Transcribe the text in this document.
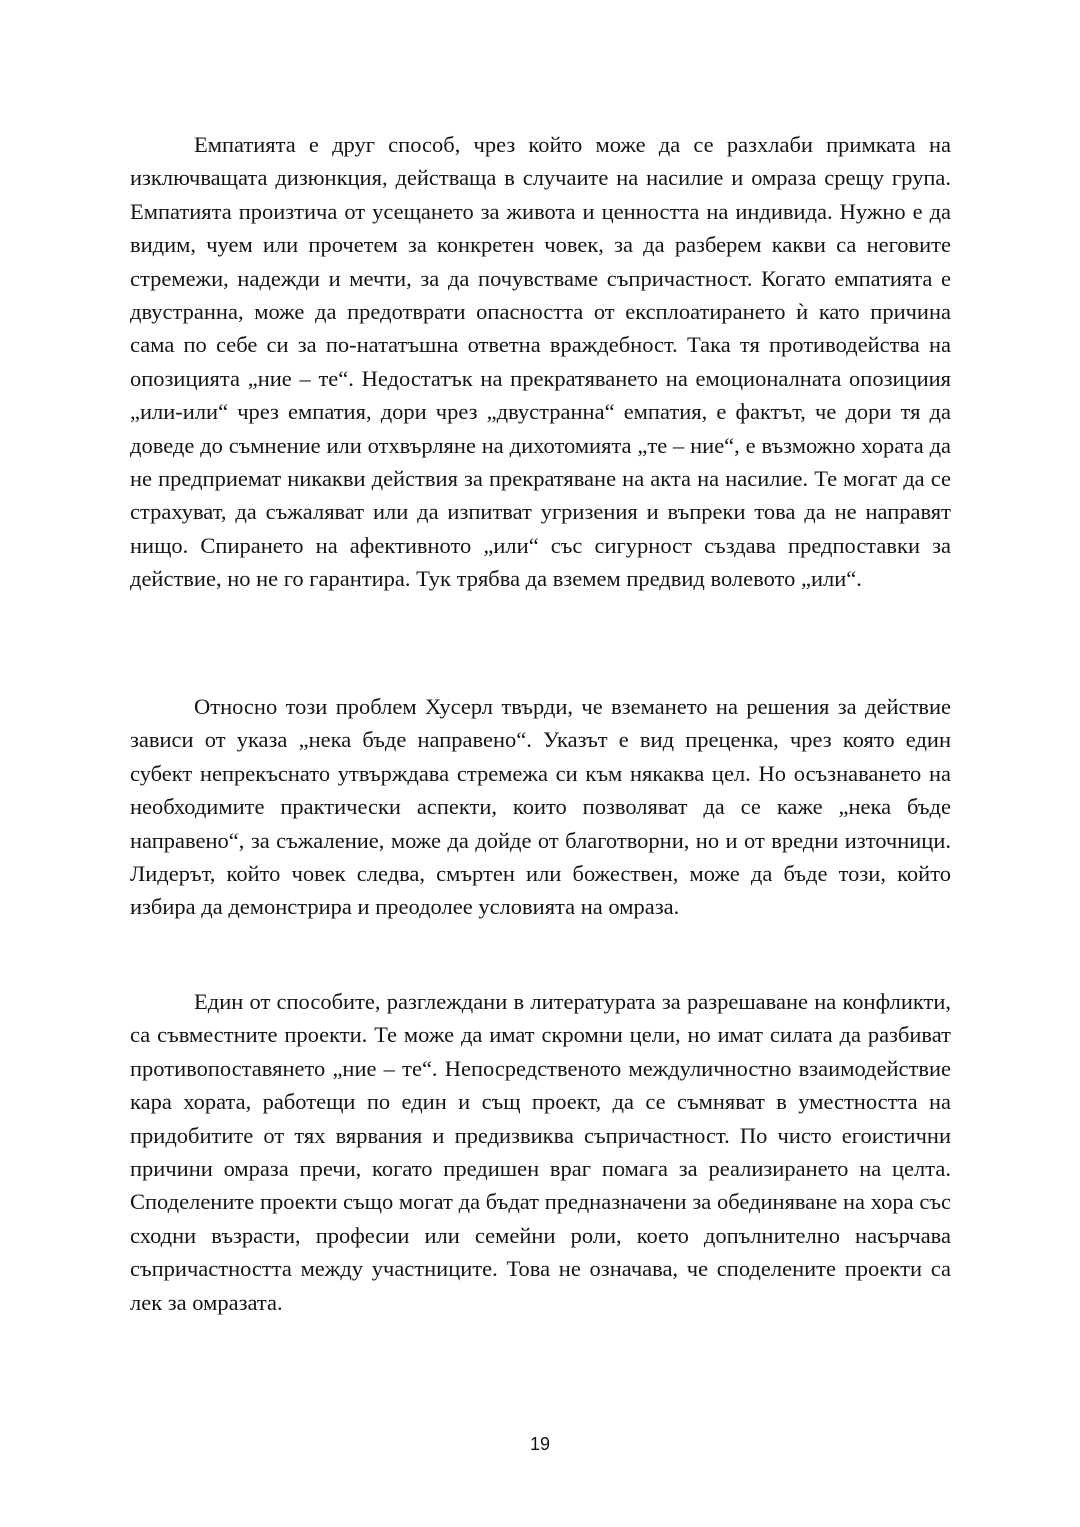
Емпатията е друг способ, чрез който може да се разхлаби примката на изключващата дизюнкция, действаща в случаите на насилие и омраза срещу група. Емпатията произтича от усещането за живота и ценността на индивида. Нужно е да видим, чуем или прочетем за конкретен човек, за да разберем какви са неговите стремежи, надежди и мечти, за да почувстваме съпричастност. Когато емпатията е двустранна, може да предотврати опасността от експлоатирането ѝ като причина сама по себе си за по-нататъшна ответна враждебност. Така тя противодейства на опозицията „ние – те“. Недостатък на прекратяването на емоционалната опозициия „или-или“ чрез емпатия, дори чрез „двустранна“ емпатия, е фактът, че дори тя да доведе до съмнение или отхвърляне на дихотомията „те – ние“, е възможно хората да не предприемат никакви действия за прекратяване на акта на насилие. Те могат да се страхуват, да съжаляват или да изпитват угризения и въпреки това да не направят нищо. Спирането на афективното „или“ със сигурност създава предпоставки за действие, но не го гарантира. Тук трябва да вземем предвид волевото „или“.

Относно този проблем Хусерл твърди, че вземането на решения за действие зависи от указа „нека бъде направено“. Указът е вид преценка, чрез която един субект непрекъснато утвърждава стремежа си към някаква цел. Но осъзнаването на необходимите практически аспекти, които позволяват да се каже „нека бъде направено“, за съжаление, може да дойде от благотворни, но и от вредни източници. Лидерът, който човек следва, смъртен или божествен, може да бъде този, който избира да демонстрира и преодолее условията на омраза.

Един от способите, разглеждани в литературата за разрешаване на конфликти, са съвместните проекти. Те може да имат скромни цели, но имат силата да разбиват противопоставянето „ние – те“. Непосредственото междуличностно взаимодействие кара хората, работещи по един и същ проект, да се съмняват в уместността на придобитите от тях вярвания и предизвиква съпричастност. По чисто егоистични причини омраза пречи, когато предишен враг помага за реализирането на целта. Споделените проекти също могат да бъдат предназначени за обединяване на хора със сходни възрасти, професии или семейни роли, което допълнително насърчава съпричастността между участниците. Това не означава, че споделените проекти са лек за омразата.

19
